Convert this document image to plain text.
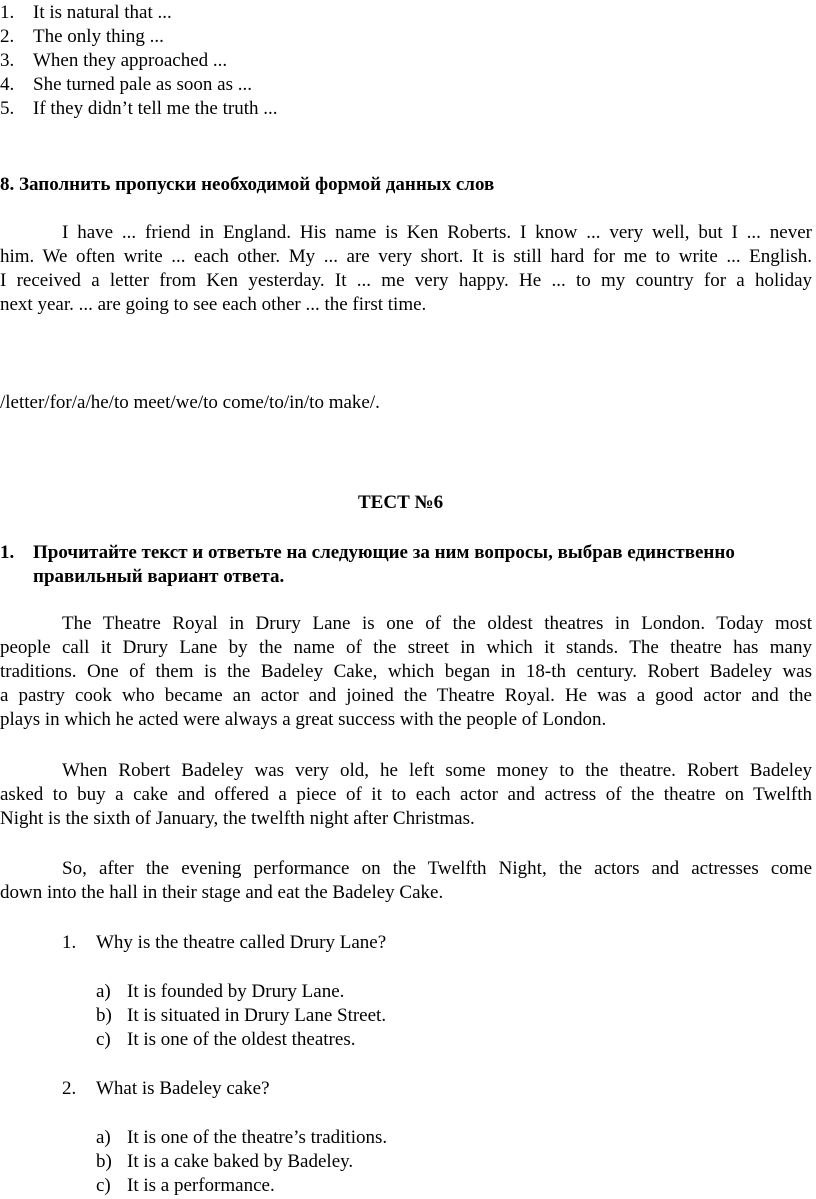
1. It is natural that ...
2. The only thing ...
3. When they approached ...
4. She turned pale as soon as ...
5. If they didn’t tell me the truth ...
8. Заполнить пропуски необходимой формой данных слов
I have ... friend in England. His name is Ken Roberts. I know ... very well, but I ... never
him. We often write ... each other. My ... are very short. It is still hard for me to write ... English.
I received a letter from Ken yesterday. It ... me very happy. He ... to my country for a holiday
next year. ... are going to see each other ... the first time.
/letter/for/a/he/to meet/we/to come/to/in/to make/.
ТЕСТ №6
1. Прочитайте текст и ответьте на следующие за ним вопросы, выбрав единственно
правильный вариант ответа.
The Theatre Royal in Drury Lane is one of the oldest theatres in London. Today most
people call it Drury Lane by the name of the street in which it stands. The theatre has many
traditions. One of them is the Badeley Cake, which began in 18-th century. Robert Badeley was
a pastry cook who became an actor and joined the Theatre Royal. He was a good actor and the
plays in which he acted were always a great success with the people of London.
When Robert Badeley was very old, he left some money to the theatre. Robert Badeley
asked to buy a cake and offered a piece of it to each actor and actress of the theatre on Twelfth
Night is the sixth of January, the twelfth night after Christmas.
So, after the evening performance on the Twelfth Night, the actors and actresses come
down into the hall in their stage and eat the Badeley Cake.
1. Why is the theatre called Drury Lane?
a) It is founded by Drury Lane.
b) It is situated in Drury Lane Street.
c) It is one of the oldest theatres.
2. What is Badeley cake?
a) It is one of the theatre’s traditions.
b) It is a cake baked by Badeley.
c) It is a performance.
